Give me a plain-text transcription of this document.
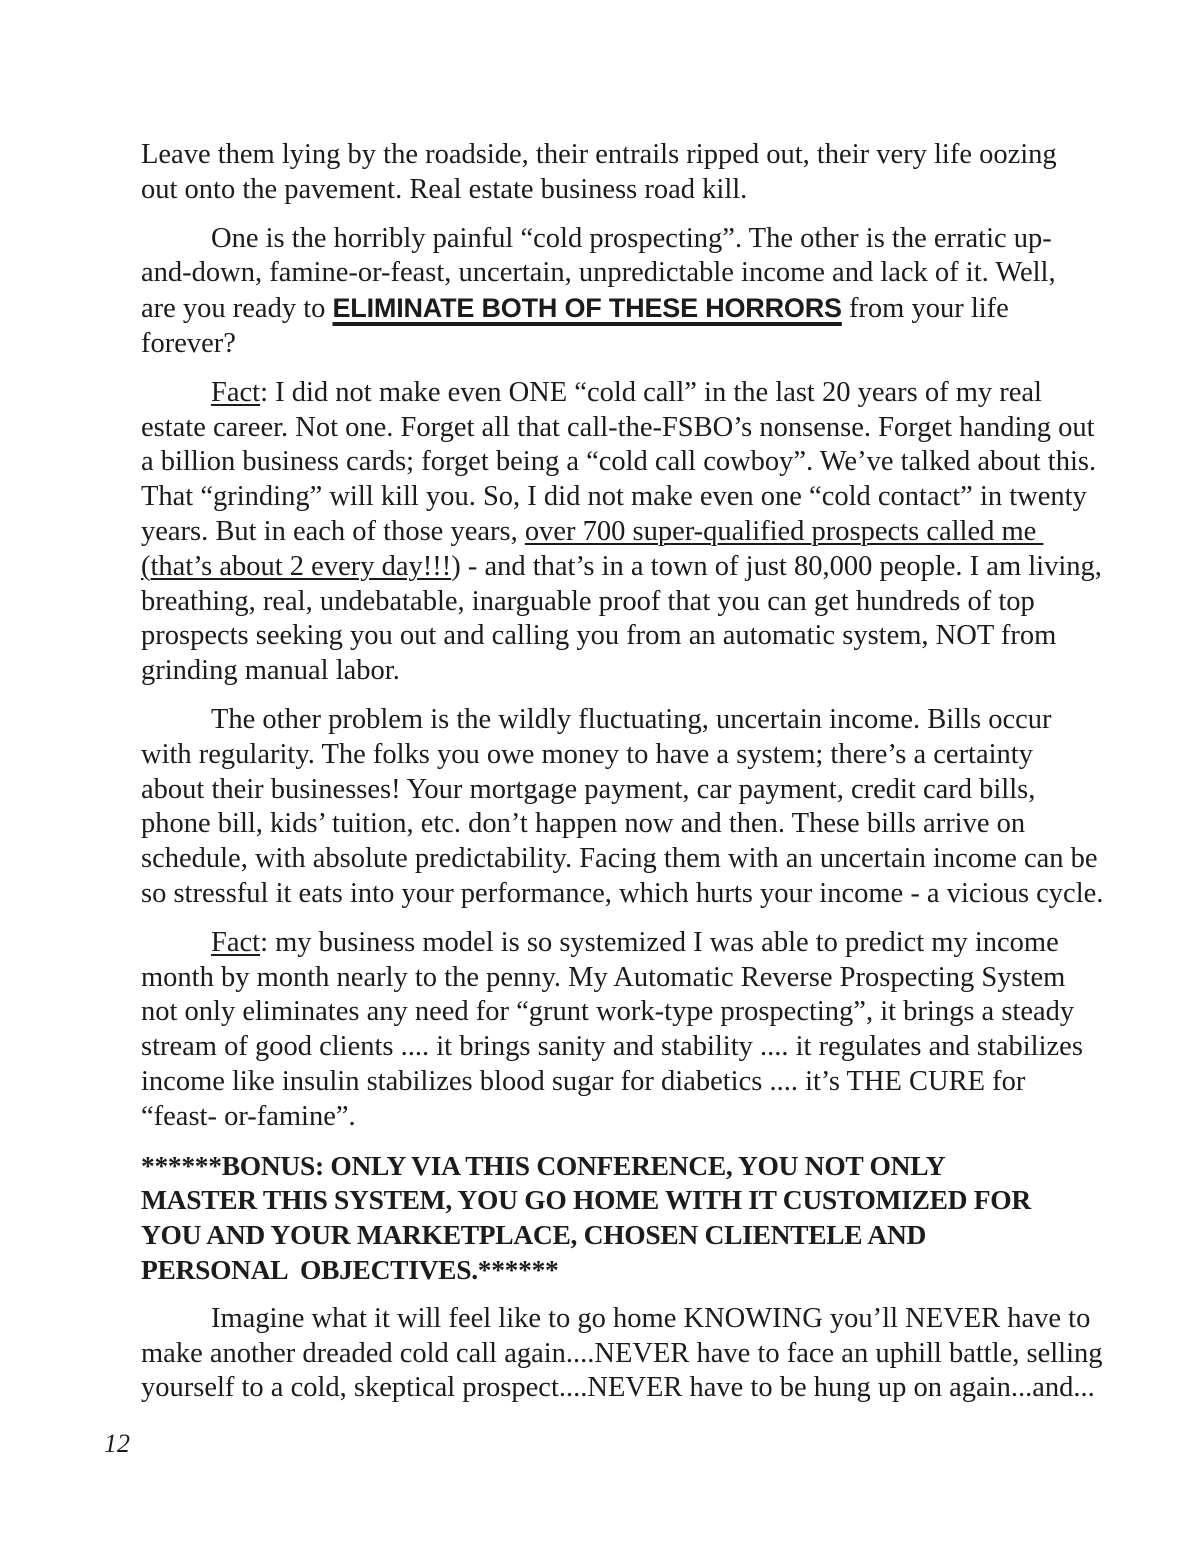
Leave them lying by the roadside, their entrails ripped out, their very life oozing
out onto the pavement. Real estate business road kill.
One is the horribly painful “cold prospecting”. The other is the erratic up-
and-down, famine-or-feast, uncertain, unpredictable income and lack of it. Well,
are you ready to ELIMINATE BOTH OF THESE HORRORS from your life
forever?
Fact: I did not make even ONE “cold call” in the last 20 years of my real
estate career. Not one. Forget all that call-the-FSBO’s nonsense. Forget handing out
a billion business cards; forget being a “cold call cowboy”. We’ve talked about this.
That “grinding” will kill you. So, I did not make even one “cold contact” in twenty
years. But in each of those years, over 700 super-qualified prospects called me
(that’s about 2 every day!!!) - and that’s in a town of just 80,000 people. I am living,
breathing, real, undebatable, inarguable proof that you can get hundreds of top
prospects seeking you out and calling you from an automatic system, NOT from
grinding manual labor.
The other problem is the wildly fluctuating, uncertain income. Bills occur
with regularity. The folks you owe money to have a system; there’s a certainty
about their businesses! Your mortgage payment, car payment, credit card bills,
phone bill, kids’ tuition, etc. don’t happen now and then. These bills arrive on
schedule, with absolute predictability. Facing them with an uncertain income can be
so stressful it eats into your performance, which hurts your income - a vicious cycle.
Fact: my business model is so systemized I was able to predict my income
month by month nearly to the penny. My Automatic Reverse Prospecting System
not only eliminates any need for “grunt work-type prospecting”, it brings a steady
stream of good clients .... it brings sanity and stability .... it regulates and stabilizes
income like insulin stabilizes blood sugar for diabetics .... it’s THE CURE for
“feast- or-famine”.
******BONUS: ONLY VIA THIS CONFERENCE, YOU NOT ONLY
MASTER THIS SYSTEM, YOU GO HOME WITH IT CUSTOMIZED FOR
YOU AND YOUR MARKETPLACE, CHOSEN CLIENTELE AND
PERSONAL  OBJECTIVES.******
Imagine what it will feel like to go home KNOWING you’ll NEVER have to
make another dreaded cold call again....NEVER have to face an uphill battle, selling
yourself to a cold, skeptical prospect....NEVER have to be hung up on again...and...
12
